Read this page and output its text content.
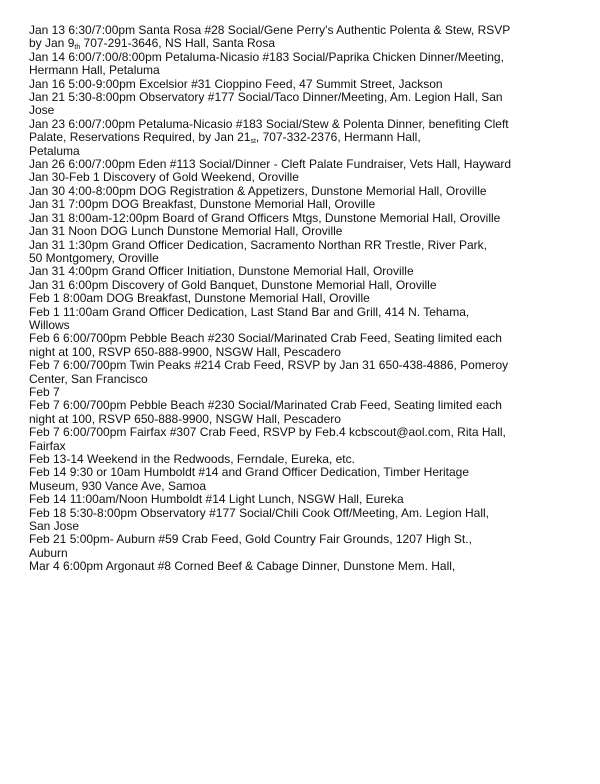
Jan 13 6:30/7:00pm Santa Rosa #28 Social/Gene Perry's Authentic Polenta & Stew, RSVP
by Jan $9_{th}$ 707-291-3646, NS Hall, Santa Rosa
Jan 14 6:00/7:00/8:00pm Petaluma-Nicasio #183 Social/Paprika Chicken Dinner/Meeting,
Hermann Hall, Petaluma
Jan 16 5:00-9:00pm Excelsior #31 Cioppino Feed, 47 Summit Street, Jackson
Jan 21 5:30-8:00pm Observatory #177 Social/Taco Dinner/Meeting, Am. Legion Hall, San
Jose
Jan 23 6:00/7:00pm Petaluma-Nicasio #183 Social/Stew & Polenta Dinner, benefiting Cleft
Palate, Reservations Required, by Jan $21_{st}$, 707-332-2376, Hermann Hall,
Petaluma
Jan 26 6:00/7:00pm Eden #113 Social/Dinner - Cleft Palate Fundraiser, Vets Hall, Hayward
Jan 30-Feb 1 Discovery of Gold Weekend, Oroville
Jan 30 4:00-8:00pm DOG Registration & Appetizers, Dunstone Memorial Hall, Oroville
Jan 31 7:00pm DOG Breakfast, Dunstone Memorial Hall, Oroville
Jan 31 8:00am-12:00pm Board of Grand Officers Mtgs, Dunstone Memorial Hall, Oroville
Jan 31 Noon DOG Lunch Dunstone Memorial Hall, Oroville
Jan 31 1:30pm Grand Officer Dedication, Sacramento Northan RR Trestle, River Park,
50 Montgomery, Oroville
Jan 31 4:00pm Grand Officer Initiation, Dunstone Memorial Hall, Oroville
Jan 31 6:00pm Discovery of Gold Banquet, Dunstone Memorial Hall, Oroville
Feb 1 8:00am DOG Breakfast, Dunstone Memorial Hall, Oroville
Feb 1 11:00am Grand Officer Dedication, Last Stand Bar and Grill, 414 N. Tehama,
Willows
Feb 6 6:00/700pm Pebble Beach #230 Social/Marinated Crab Feed, Seating limited each
night at 100, RSVP 650-888-9900, NSGW Hall, Pescadero
Feb 7 6:00/700pm Twin Peaks #214 Crab Feed, RSVP by Jan 31 650-438-4886, Pomeroy
Center, San Francisco
Feb 7
Feb 7 6:00/700pm Pebble Beach #230 Social/Marinated Crab Feed, Seating limited each
night at 100, RSVP 650-888-9900, NSGW Hall, Pescadero
Feb 7 6:00/700pm Fairfax #307 Crab Feed, RSVP by Feb.4 kcbscout@aol.com, Rita Hall,
Fairfax
Feb 13-14 Weekend in the Redwoods, Ferndale, Eureka, etc.
Feb 14 9:30 or 10am Humboldt #14 and Grand Officer Dedication, Timber Heritage
Museum, 930 Vance Ave, Samoa
Feb 14 11:00am/Noon Humboldt #14 Light Lunch, NSGW Hall, Eureka
Feb 18 5:30-8:00pm Observatory #177 Social/Chili Cook Off/Meeting, Am. Legion Hall,
San Jose
Feb 21 5:00pm- Auburn #59 Crab Feed, Gold Country Fair Grounds, 1207 High St.,
Auburn
Mar 4 6:00pm Argonaut #8 Corned Beef & Cabage Dinner, Dunstone Mem. Hall,
